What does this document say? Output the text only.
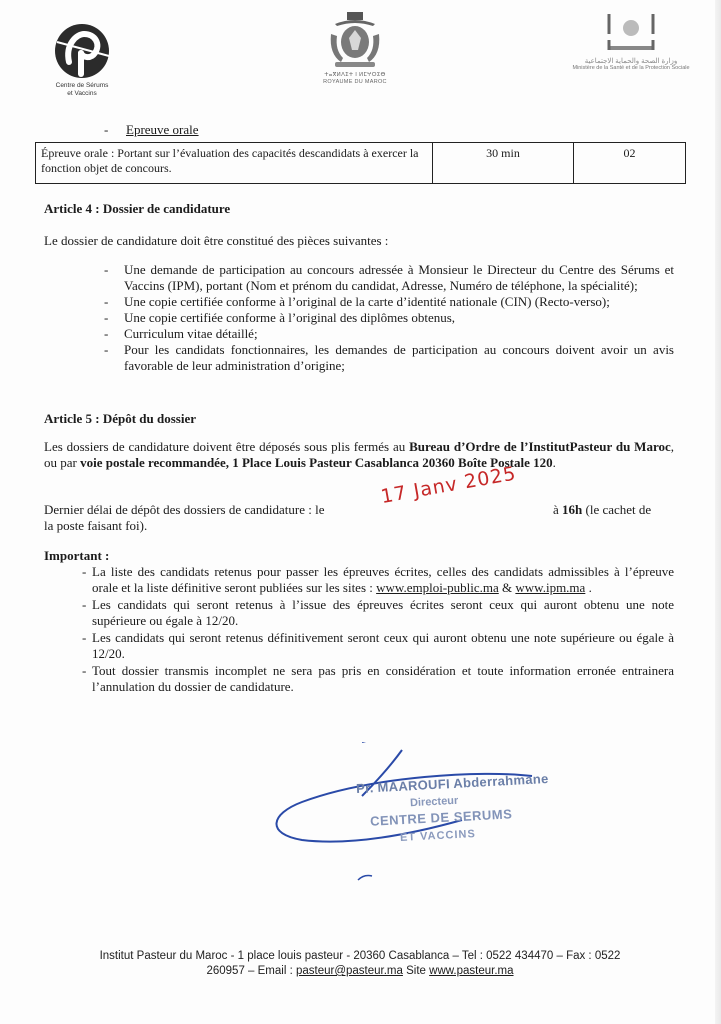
Centre de Sérums
et Vaccins
ⵜⴰⴳⵍⴷⵉⵜ ⵏ ⵍⵎⵖⵔⵉⴱ
ROYAUME DU MAROC
وزارة الصحة والحماية الاجتماعية
Ministère de la Santé et de la Protection Sociale
- Epreuve orale
Épreuve orale : Portant sur l’évaluation des capacités descandidats à exercer la fonction objet de concours.	30 min	02
Article 4 : Dossier de candidature
Le dossier de candidature doit être constitué des pièces suivantes :
- Une demande de participation au concours adressée à Monsieur le Directeur du Centre des Sérums et Vaccins (IPM), portant (Nom et prénom du candidat, Adresse, Numéro de téléphone, la spécialité);
- Une copie certifiée conforme à l’original de la carte d’identité nationale (CIN) (Recto-verso);
- Une copie certifiée conforme à l’original des diplômes obtenus,
- Curriculum vitae détaillé;
- Pour les candidats fonctionnaires, les demandes de participation au concours doivent avoir un avis favorable de leur administration d’origine;
Article 5 : Dépôt du dossier
Les dossiers de candidature doivent être déposés sous plis fermés au Bureau d’Ordre de l’InstitutPasteur du Maroc, ou par voie postale recommandée, 1 Place Louis Pasteur Casablanca 20360 Boîte Postale 120.
Dernier délai de dépôt des dossiers de candidature : le
17 Janv 2025
à 16h (le cachet de
la poste faisant foi).
Important :
- La liste des candidats retenus pour passer les épreuves écrites, celles des candidats admissibles à l’épreuve orale et la liste définitive seront publiées sur les sites : www.emploi-public.ma & www.ipm.ma .
- Les candidats qui seront retenus à l’issue des épreuves écrites seront ceux qui auront obtenu une note supérieure ou égale à 12/20.
- Les candidats qui seront retenus définitivement seront ceux qui auront obtenu une note supérieure ou égale à 12/20.
- Tout dossier transmis incomplet ne sera pas pris en considération et toute information erronée entrainera l’annulation du dossier de candidature.
Pr. MAAROUFI Abderrahmane
Directeur
CENTRE DE SERUMS
ET VACCINS
Institut Pasteur du Maroc - 1 place louis pasteur - 20360 Casablanca – Tel : 0522 434470 – Fax : 0522
260957 – Email : pasteur@pasteur.ma Site www.pasteur.ma
